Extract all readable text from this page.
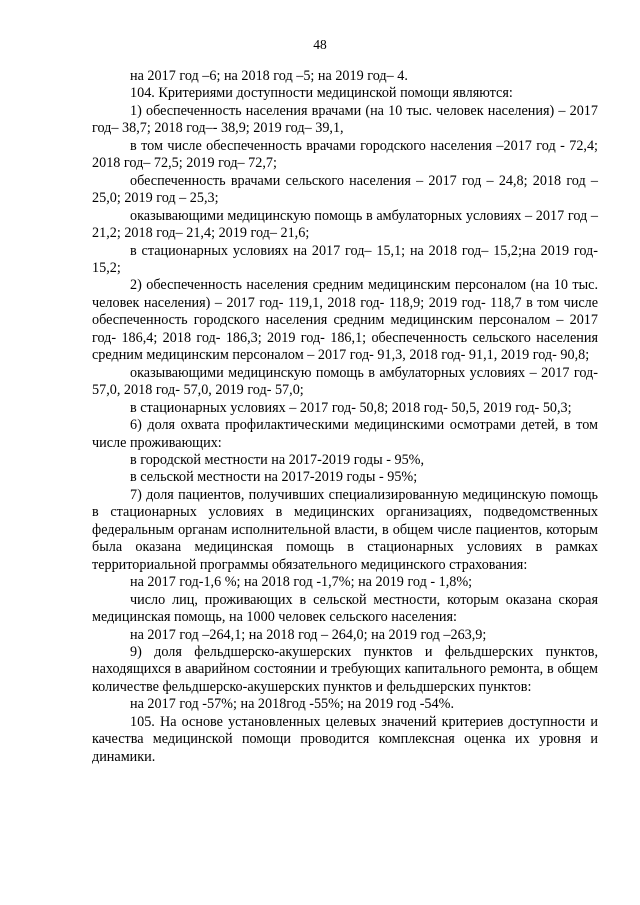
48

на 2017 год –6; на 2018 год –5; на 2019 год– 4.

104. Критериями доступности медицинской помощи являются:

1) обеспеченность населения врачами (на 10 тыс. человек населения) – 2017 год– 38,7; 2018 год–- 38,9; 2019 год– 39,1,

в том числе обеспеченность врачами городского населения –2017 год - 72,4; 2018 год– 72,5; 2019 год– 72,7;

обеспеченность врачами сельского населения – 2017 год – 24,8; 2018 год – 25,0; 2019 год – 25,3;

оказывающими медицинскую помощь в амбулаторных условиях – 2017 год – 21,2; 2018 год– 21,4; 2019 год– 21,6;

в стационарных условиях на 2017 год– 15,1; на 2018 год– 15,2;на 2019 год- 15,2;

2) обеспеченность населения средним медицинским персоналом (на 10 тыс. человек населения) – 2017 год- 119,1, 2018 год- 118,9; 2019 год- 118,7 в том числе обеспеченность городского населения средним медицинским персоналом – 2017 год- 186,4; 2018 год- 186,3; 2019 год- 186,1; обеспеченность сельского населения средним медицинским персоналом – 2017 год- 91,3, 2018 год- 91,1, 2019 год- 90,8;

оказывающими медицинскую помощь в амбулаторных условиях – 2017 год- 57,0, 2018 год- 57,0, 2019 год- 57,0;

в стационарных условиях – 2017 год- 50,8; 2018 год- 50,5, 2019 год- 50,3;

6) доля охвата профилактическими медицинскими осмотрами детей, в том числе проживающих:

в городской местности на 2017-2019 годы - 95%,

в сельской местности на 2017-2019 годы - 95%;

7) доля пациентов, получивших специализированную медицинскую помощь в стационарных условиях в медицинских организациях, подведомственных федеральным органам исполнительной власти, в общем числе пациентов, которым была оказана медицинская помощь в стационарных условиях в рамках территориальной программы обязательного медицинского страхования:

на 2017 год-1,6 %; на 2018 год -1,7%; на 2019 год - 1,8%;

число лиц, проживающих в сельской местности, которым оказана скорая медицинская помощь, на 1000 человек сельского населения:

на 2017 год –264,1; на 2018 год – 264,0; на 2019 год –263,9;

9) доля фельдшерско-акушерских пунктов и фельдшерских пунктов, находящихся в аварийном состоянии и требующих капитального ремонта, в общем количестве фельдшерско-акушерских пунктов и фельдшерских пунктов:

на 2017 год -57%; на 2018год -55%; на 2019 год -54%.

105. На основе установленных целевых значений критериев доступности и качества медицинской помощи проводится комплексная оценка их уровня и динамики.
